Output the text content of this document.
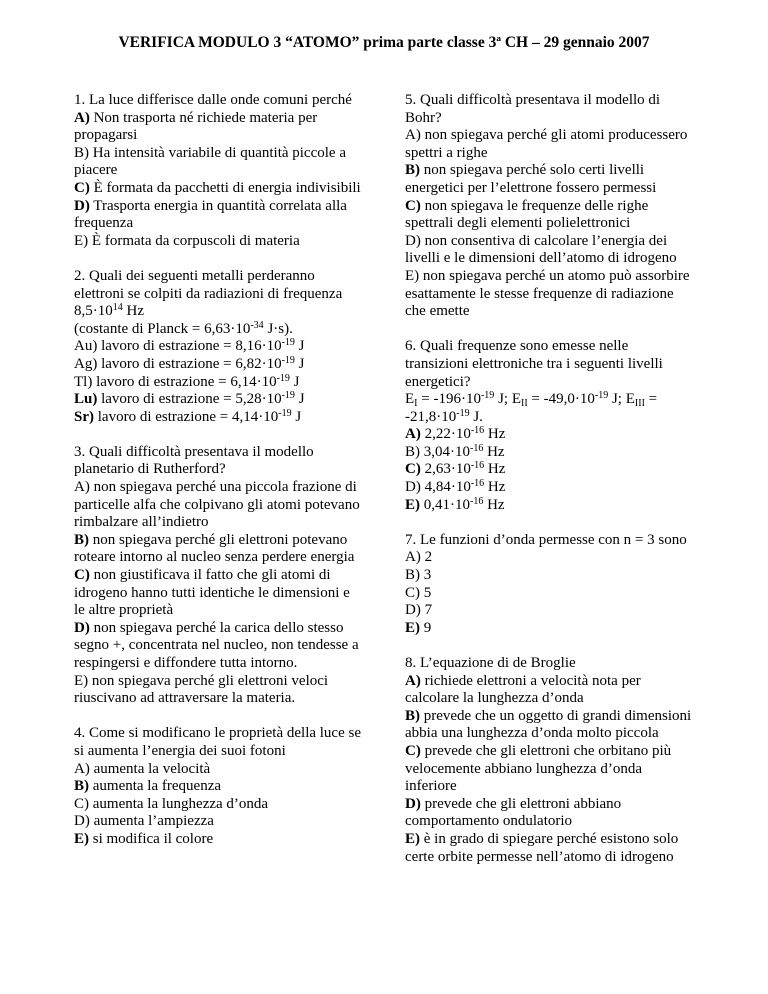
VERIFICA MODULO 3 “ATOMO” prima parte classe 3ª CH – 29 gennaio 2007
1. La luce differisce dalle onde comuni perché
A) Non trasporta né richiede materia per propagarsi
B) Ha intensità variabile di quantità piccole a piacere
C) È formata da pacchetti di energia indivisibili
D) Trasporta energia in quantità correlata alla frequenza
E) È formata da corpuscoli di materia
2. Quali dei seguenti metalli perderanno elettroni se colpiti da radiazioni di frequenza $8,5\cdot 10^{14}$ Hz
(costante di Planck = $6,63\cdot 10^{-34}$ J·s).
Au) lavoro di estrazione = $8,16\cdot 10^{-19}$ J
Ag) lavoro di estrazione = $6,82\cdot 10^{-19}$ J
Tl) lavoro di estrazione = $6,14\cdot 10^{-19}$ J
Lu) lavoro di estrazione = $5,28\cdot 10^{-19}$ J
Sr) lavoro di estrazione = $4,14\cdot 10^{-19}$ J
3. Quali difficoltà presentava il modello planetario di Rutherford?
A) non spiegava perché una piccola frazione di particelle alfa che colpivano gli atomi potevano rimbalzare all’indietro
B) non spiegava perché gli elettroni potevano roteare intorno al nucleo senza perdere energia
C) non giustificava il fatto che gli atomi di idrogeno hanno tutti identiche le dimensioni e le altre proprietà
D) non spiegava perché la carica dello stesso segno +, concentrata nel nucleo, non tendesse a respingersi e diffondere tutta intorno.
E) non spiegava perché gli elettroni veloci riuscivano ad attraversare la materia.
4. Come si modificano le proprietà della luce se si aumenta l’energia dei suoi fotoni
A) aumenta la velocità
B) aumenta la frequenza
C) aumenta la lunghezza d’onda
D) aumenta l’ampiezza
E) si modifica il colore
5. Quali difficoltà presentava il modello di Bohr?
A) non spiegava perché gli atomi producessero spettri a righe
B) non spiegava perché solo certi livelli energetici per l’elettrone fossero permessi
C) non spiegava le frequenze delle righe spettrali degli elementi polielettronici
D) non consentiva di calcolare l’energia dei livelli e le dimensioni dell’atomo di idrogeno
E) non spiegava perché un atomo può assorbire esattamente le stesse frequenze di radiazione che emette
6. Quali frequenze sono emesse nelle transizioni elettroniche tra i seguenti livelli energetici?
$E_I = -196\cdot 10^{-19}$ J; $E_{II} = -49,0\cdot 10^{-19}$ J; $E_{III} = -21,8\cdot 10^{-19}$ J.
A) $2,22\cdot 10^{-16}$ Hz
B) $3,04\cdot 10^{-16}$ Hz
C) $2,63\cdot 10^{-16}$ Hz
D) $4,84\cdot 10^{-16}$ Hz
E) $0,41\cdot 10^{-16}$ Hz
7. Le funzioni d’onda permesse con n = 3 sono
A) 2
B) 3
C) 5
D) 7
E) 9
8. L’equazione di de Broglie
A) richiede elettroni a velocità nota per calcolare la lunghezza d’onda
B) prevede che un oggetto di grandi dimensioni abbia una lunghezza d’onda molto piccola
C) prevede che gli elettroni che orbitano più velocemente abbiano lunghezza d’onda inferiore
D) prevede che gli elettroni abbiano comportamento ondulatorio
E) è in grado di spiegare perché esistono solo certe orbite permesse nell’atomo di idrogeno
